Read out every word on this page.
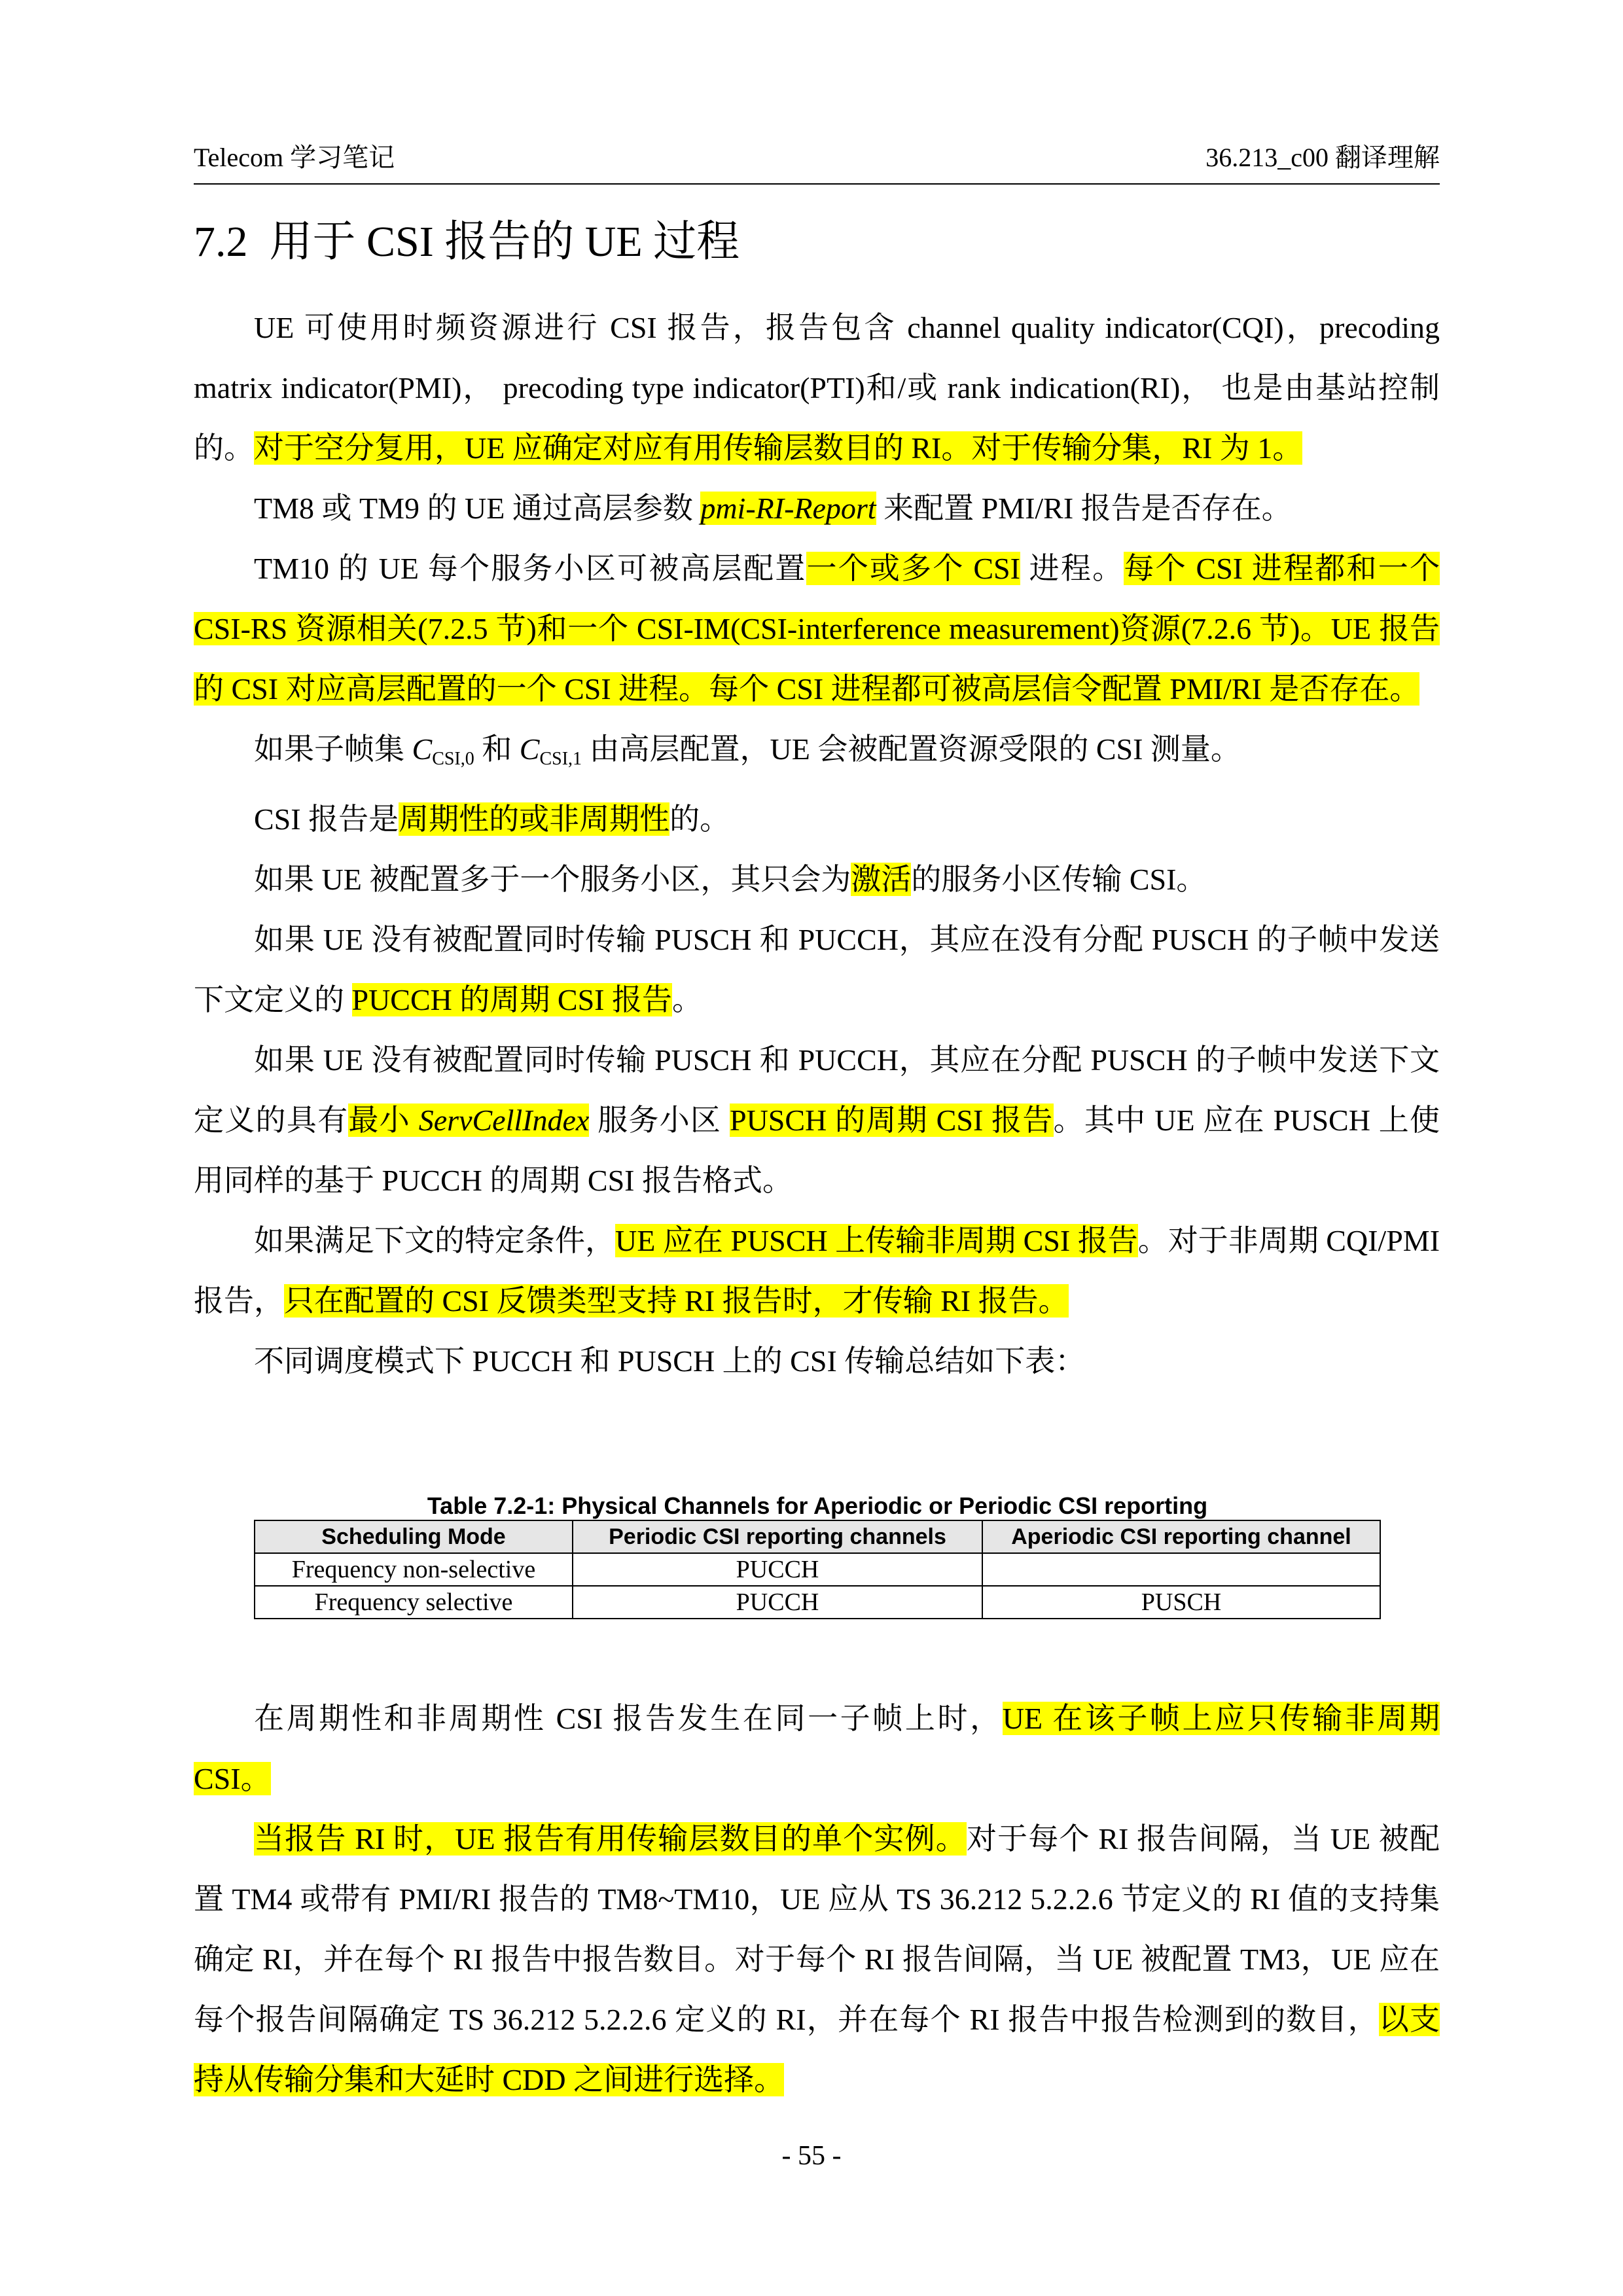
Telecom 学习笔记	36.213_c00 翻译理解
7.2 用于 CSI 报告的 UE 过程

UE 可使用时频资源进行 CSI 报告，报告包含 channel quality indicator(CQI)，precoding matrix indicator(PMI)， precoding type indicator(PTI)和/或 rank indication(RI)， 也是由基站控制的。对于空分复用，UE 应确定对应有用传输层数目的 RI。对于传输分集，RI 为 1。

TM8 或 TM9 的 UE 通过高层参数 pmi-RI-Report 来配置 PMI/RI 报告是否存在。

TM10 的 UE 每个服务小区可被高层配置一个或多个 CSI 进程。每个 CSI 进程都和一个 CSI-RS 资源相关(7.2.5 节)和一个 CSI-IM(CSI-interference measurement)资源(7.2.6 节)。UE 报告的 CSI 对应高层配置的一个 CSI 进程。每个 CSI 进程都可被高层信令配置 PMI/RI 是否存在。

如果子帧集 $C_{CSI,0}$ 和 $C_{CSI,1}$ 由高层配置，UE 会被配置资源受限的 CSI 测量。

CSI 报告是周期性的或非周期性的。

如果 UE 被配置多于一个服务小区，其只会为激活的服务小区传输 CSI。

如果 UE 没有被配置同时传输 PUSCH 和 PUCCH，其应在没有分配 PUSCH 的子帧中发送下文定义的 PUCCH 的周期 CSI 报告。

如果 UE 没有被配置同时传输 PUSCH 和 PUCCH，其应在分配 PUSCH 的子帧中发送下文定义的具有最小 ServCellIndex 服务小区 PUSCH 的周期 CSI 报告。其中 UE 应在 PUSCH 上使用同样的基于 PUCCH 的周期 CSI 报告格式。

如果满足下文的特定条件，UE 应在 PUSCH 上传输非周期 CSI 报告。对于非周期 CQI/PMI 报告，只在配置的 CSI 反馈类型支持 RI 报告时，才传输 RI 报告。

不同调度模式下 PUCCH 和 PUSCH 上的 CSI 传输总结如下表：

Table 7.2-1: Physical Channels for Aperiodic or Periodic CSI reporting
Scheduling Mode	Periodic CSI reporting channels	Aperiodic CSI reporting channel
Frequency non-selective	PUCCH	
Frequency selective	PUCCH	PUSCH

在周期性和非周期性 CSI 报告发生在同一子帧上时，UE 在该子帧上应只传输非周期 CSI。

当报告 RI 时，UE 报告有用传输层数目的单个实例。对于每个 RI 报告间隔，当 UE 被配置 TM4 或带有 PMI/RI 报告的 TM8~TM10，UE 应从 TS 36.212 5.2.2.6 节定义的 RI 值的支持集确定 RI，并在每个 RI 报告中报告数目。对于每个 RI 报告间隔，当 UE 被配置 TM3，UE 应在每个报告间隔确定 TS 36.212 5.2.2.6 定义的 RI，并在每个 RI 报告中报告检测到的数目，以支持从传输分集和大延时 CDD 之间进行选择。

- 55 -
